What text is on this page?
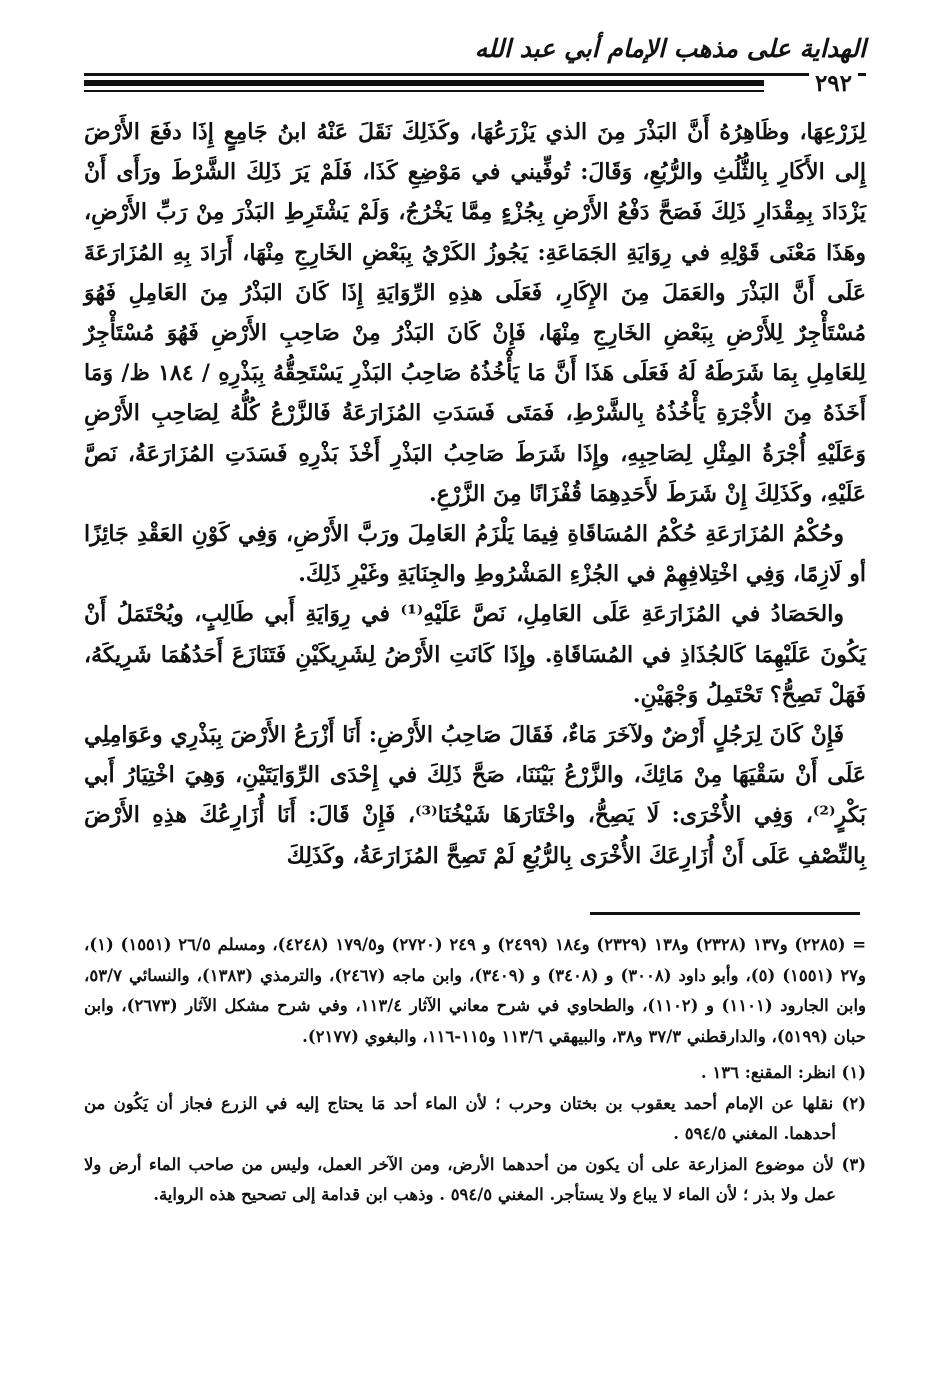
الهداية على مذهب الإمام أبي عبد الله
٢٩٢

لِزَرْعِهَا، وظَاهِرُهُ أَنَّ البَذْرَ مِنَ الذي يَزْرَعُهَا، وكَذَلِكَ نَقَلَ عَنْهُ ابنُ جَامِعٍ إِذَا دفَعَ الأَرْضَ إِلى الأَكَارِ بِالثُّلُثِ والرُّبُعِ، وَقَالَ: تُوفِّيني في مَوْضِعِ كَذَا، فَلَمْ يَرَ ذَلِكَ الشَّرْطَ ورَأَى أَنْ يَزْدَادَ بِمِقْدَارِ ذَلِكَ فَصَحَّ دَفْعُ الأَرْضِ بِجُزْءٍ مِمَّا يَخْرُجُ، وَلَمْ يَشْتَرِطِ البَذْرَ مِنْ رَبِّ الأَرْضِ، وهَذَا مَعْنَى قَوْلِهِ في رِوَايَةِ الجَمَاعَةِ: يَجُوزُ الكَرْيُ بِبَعْضِ الخَارِجِ مِنْهَا، أَرَادَ بِهِ المُزَارَعَةَ عَلَى أَنَّ البَذْرَ والعَمَلَ مِنَ الإِكَارِ، فَعَلَى هذِهِ الرِّوَايَةِ إِذَا كَانَ البَذْرُ مِنَ العَامِلِ فَهُوَ مُسْتَأْجِرٌ لِلأَرْضِ بِبَعْضِ الخَارِجِ مِنْهَا، فَإِنْ كَانَ البَذْرُ مِنْ صَاحِبِ الأَرْضِ فَهُوَ مُسْتَأْجِرٌ لِلعَامِلِ بِمَا شَرَطَهُ لَهُ فَعَلَى هَذَا أَنَّ مَا يَأْخُذُهُ صَاحِبُ البَذْرِ يَسْتَحِقُّهُ بِبَذْرِهِ / ١٨٤ ظ/ وَمَا أَخَذَهُ مِنَ الأُجْرَةِ يَأْخُذُهُ بِالشَّرْطِ، فَمَتَى فَسَدَتِ المُزَارَعَةُ فَالزَّرْعُ كُلُّهُ لِصَاحِبِ الأَرْضِ وَعَلَيْهِ أُجْرَةُ المِثْلِ لِصَاحِبِهِ، وإِذَا شَرَطَ صَاحِبُ البَذْرِ أَخْذَ بَذْرِهِ فَسَدَتِ المُزَارَعَةُ، نَصَّ عَلَيْهِ، وكَذَلِكَ إِنْ شَرَطَ لأَحَدِهِمَا قُفْزَانًا مِنَ الزَّرْعِ.

وحُكْمُ المُزَارَعَةِ حُكْمُ المُسَاقَاةِ فِيمَا يَلْزَمُ العَامِلَ ورَبَّ الأَرْضِ، وَفِي كَوْنِ العَقْدِ جَائِزًا أو لَازِمًا، وَفِي اخْتِلافِهِمْ في الجُزْءِ المَشْرُوطِ والجِنَايَةِ وغَيْرِ ذَلِكَ.

والحَصَادُ في المُزَارَعَةِ عَلَى العَامِلِ، نَصَّ عَلَيْهِ⁽¹⁾ في رِوَايَةِ أَبي طَالِبٍ، ويُحْتَمَلُ أَنْ يَكُونَ عَلَيْهِمَا كَالجُذَاذِ في المُسَاقَاةِ. وإِذَا كَانَتِ الأَرْضُ لِشَرِيكَيْنِ فَتَنَازَعَ أَحَدُهُمَا شَرِيكَهُ، فَهَلْ تَصِحُّ؟ تَحْتَمِلُ وَجْهَيْنِ.

فَإِنْ كَانَ لِرَجُلٍ أَرْضٌ ولآخَرَ مَاءٌ، فَقَالَ صَاحِبُ الأَرْضِ: أَنَا أَزْرَعُ الأَرْضَ بِبَذْرِي وعَوَامِلِي عَلَى أَنْ سَقْيَهَا مِنْ مَائِكَ، والزَّرْعُ بَيْنَنَا، صَحَّ ذَلِكَ في إِحْدَى الرِّوَايَتَيْنِ، وَهِيَ اخْتِيَارُ أَبي بَكْرٍ⁽²⁾، وَفِي الأُخْرَى: لَا يَصِحُّ، واخْتَارَهَا شَيْخُنَا⁽³⁾، فَإِنْ قَالَ: أَنَا أُزَارِعُكَ هذِهِ الأَرْضَ بِالنِّصْفِ عَلَى أَنْ أُزَارِعَكَ الأُخْرَى بِالرُّبُعِ لَمْ تَصِحَّ المُزَارَعَةُ، وكَذَلِكَ

= (٢٢٨٥) و١٣٧ (٢٣٢٨) و١٣٨ (٢٣٢٩) و١٨٤ (٢٤٩٩) و ٢٤٩ (٢٧٢٠) و١٧٩/٥ (٤٢٤٨)، ومسلم ٢٦/٥ (١٥٥١) (١)، و٢٧ (١٥٥١) (٥)، وأبو داود (٣٠٠٨) و (٣٤٠٨) و (٣٤٠٩)، وابن ماجه (٢٤٦٧)، والترمذي (١٣٨٣)، والنسائي ٥٣/٧، وابن الجارود (١١٠١) و (١١٠٢)، والطحاوي في شرح معاني الآثار ١١٣/٤، وفي شرح مشكل الآثار (٢٦٧٣)، وابن حبان (٥١٩٩)، والدارقطني ٣٧/٣ و٣٨، والبيهقي ١١٣/٦ و١١٥-١١٦، والبغوي (٢١٧٧).

(١) انظر: المقنع: ١٣٦ .

(٢) نقلها عن الإمام أحمد يعقوب بن بختان وحرب ؛ لأن الماء أحد مَا يحتاج إليه في الزرع فجاز أن يَكُون من أحدهما. المغني ٥٩٤/٥ .

(٣) لأن موضوع المزارعة على أن يكون من أحدهما الأرض، ومن الآخر العمل، وليس من صاحب الماء أرض ولا عمل ولا بذر ؛ لأن الماء لا يباع ولا يستأجر. المغني ٥٩٤/٥ . وذهب ابن قدامة إلى تصحيح هذه الرواية.
